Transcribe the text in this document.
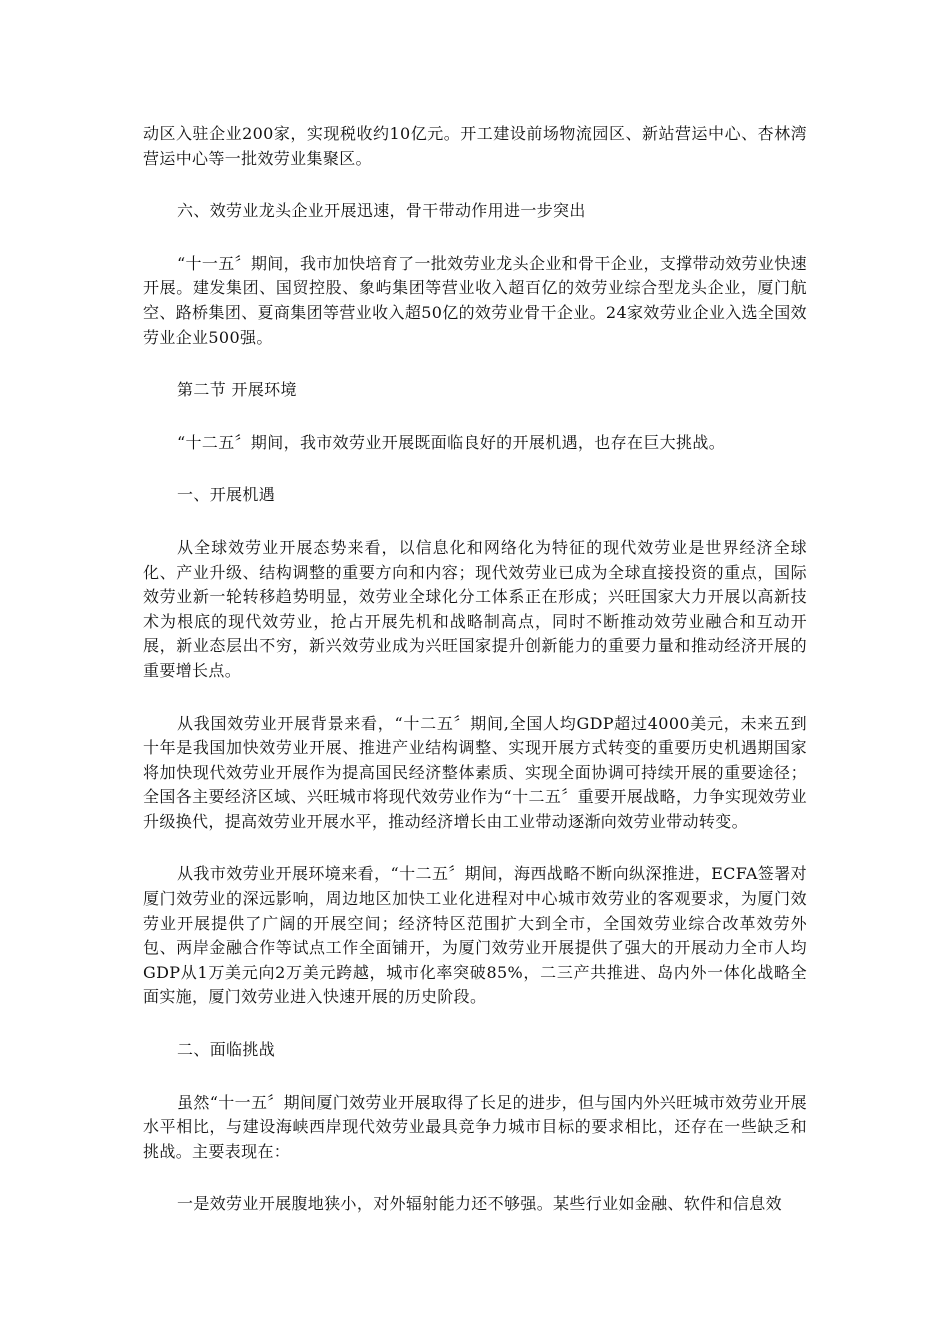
动区入驻企业200家，实现税收约10亿元。开工建设前场物流园区、新站营运中心、杏林湾营运中心等一批效劳业集聚区。

六、效劳业龙头企业开展迅速，骨干带动作用进一步突出

“十一五〞期间，我市加快培育了一批效劳业龙头企业和骨干企业，支撑带动效劳业快速开展。建发集团、国贸控股、象屿集团等营业收入超百亿的效劳业综合型龙头企业，厦门航空、路桥集团、夏商集团等营业收入超50亿的效劳业骨干企业。24家效劳业企业入选全国效劳业企业500强。

第二节 开展环境

“十二五〞期间，我市效劳业开展既面临良好的开展机遇，也存在巨大挑战。

一、开展机遇

从全球效劳业开展态势来看，以信息化和网络化为特征的现代效劳业是世界经济全球化、产业升级、结构调整的重要方向和内容；现代效劳业已成为全球直接投资的重点，国际效劳业新一轮转移趋势明显，效劳业全球化分工体系正在形成；兴旺国家大力开展以高新技术为根底的现代效劳业，抢占开展先机和战略制高点，同时不断推动效劳业融合和互动开展，新业态层出不穷，新兴效劳业成为兴旺国家提升创新能力的重要力量和推动经济开展的重要增长点。

从我国效劳业开展背景来看，“十二五〞期间,全国人均GDP超过4000美元，未来五到十年是我国加快效劳业开展、推进产业结构调整、实现开展方式转变的重要历史机遇期国家将加快现代效劳业开展作为提高国民经济整体素质、实现全面协调可持续开展的重要途径；全国各主要经济区域、兴旺城市将现代效劳业作为“十二五〞重要开展战略，力争实现效劳业升级换代，提高效劳业开展水平，推动经济增长由工业带动逐渐向效劳业带动转变。

从我市效劳业开展环境来看，“十二五〞期间，海西战略不断向纵深推进，ECFA签署对厦门效劳业的深远影响，周边地区加快工业化进程对中心城市效劳业的客观要求，为厦门效劳业开展提供了广阔的开展空间；经济特区范围扩大到全市，全国效劳业综合改革效劳外包、两岸金融合作等试点工作全面铺开，为厦门效劳业开展提供了强大的开展动力全市人均GDP从1万美元向2万美元跨越，城市化率突破85%，二三产共推进、岛内外一体化战略全面实施，厦门效劳业进入快速开展的历史阶段。

二、面临挑战

虽然“十一五〞期间厦门效劳业开展取得了长足的进步，但与国内外兴旺城市效劳业开展水平相比，与建设海峡西岸现代效劳业最具竞争力城市目标的要求相比，还存在一些缺乏和挑战。主要表现在：

一是效劳业开展腹地狭小，对外辐射能力还不够强。某些行业如金融、软件和信息效
